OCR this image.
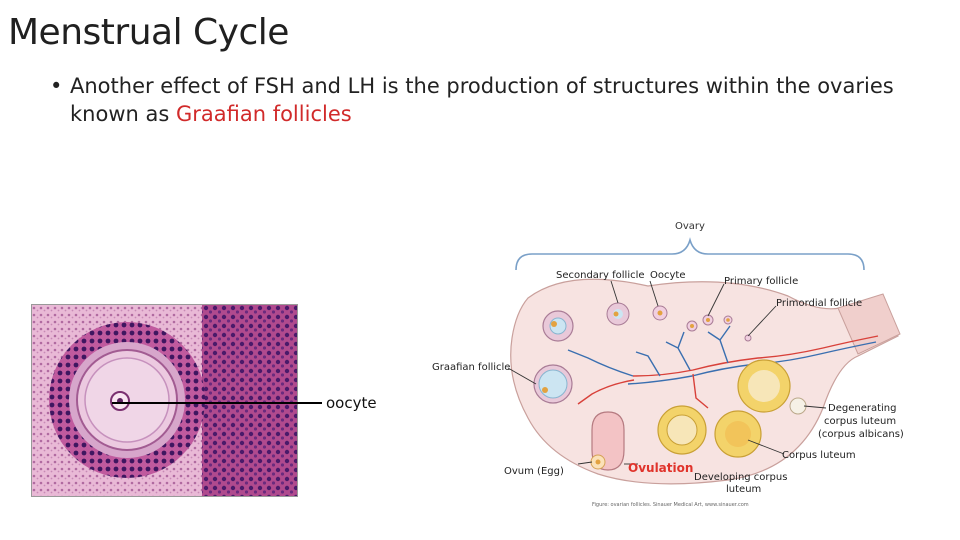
Menstrual Cycle
• Another effect of FSH and LH is the production of structures within the ovaries known as Graafian follicles
oocyte
Ovary
Secondary follicle Oocyte
Primary follicle
Primordial follicle
Graafian follicle
Degenerating
corpus luteum
(corpus albicans)
Corpus luteum
Ovum (Egg)	Ovulation
Developing corpus
luteum
Figure: ovarian follicles. Sinauer Medical Art, www.sinauer.com
